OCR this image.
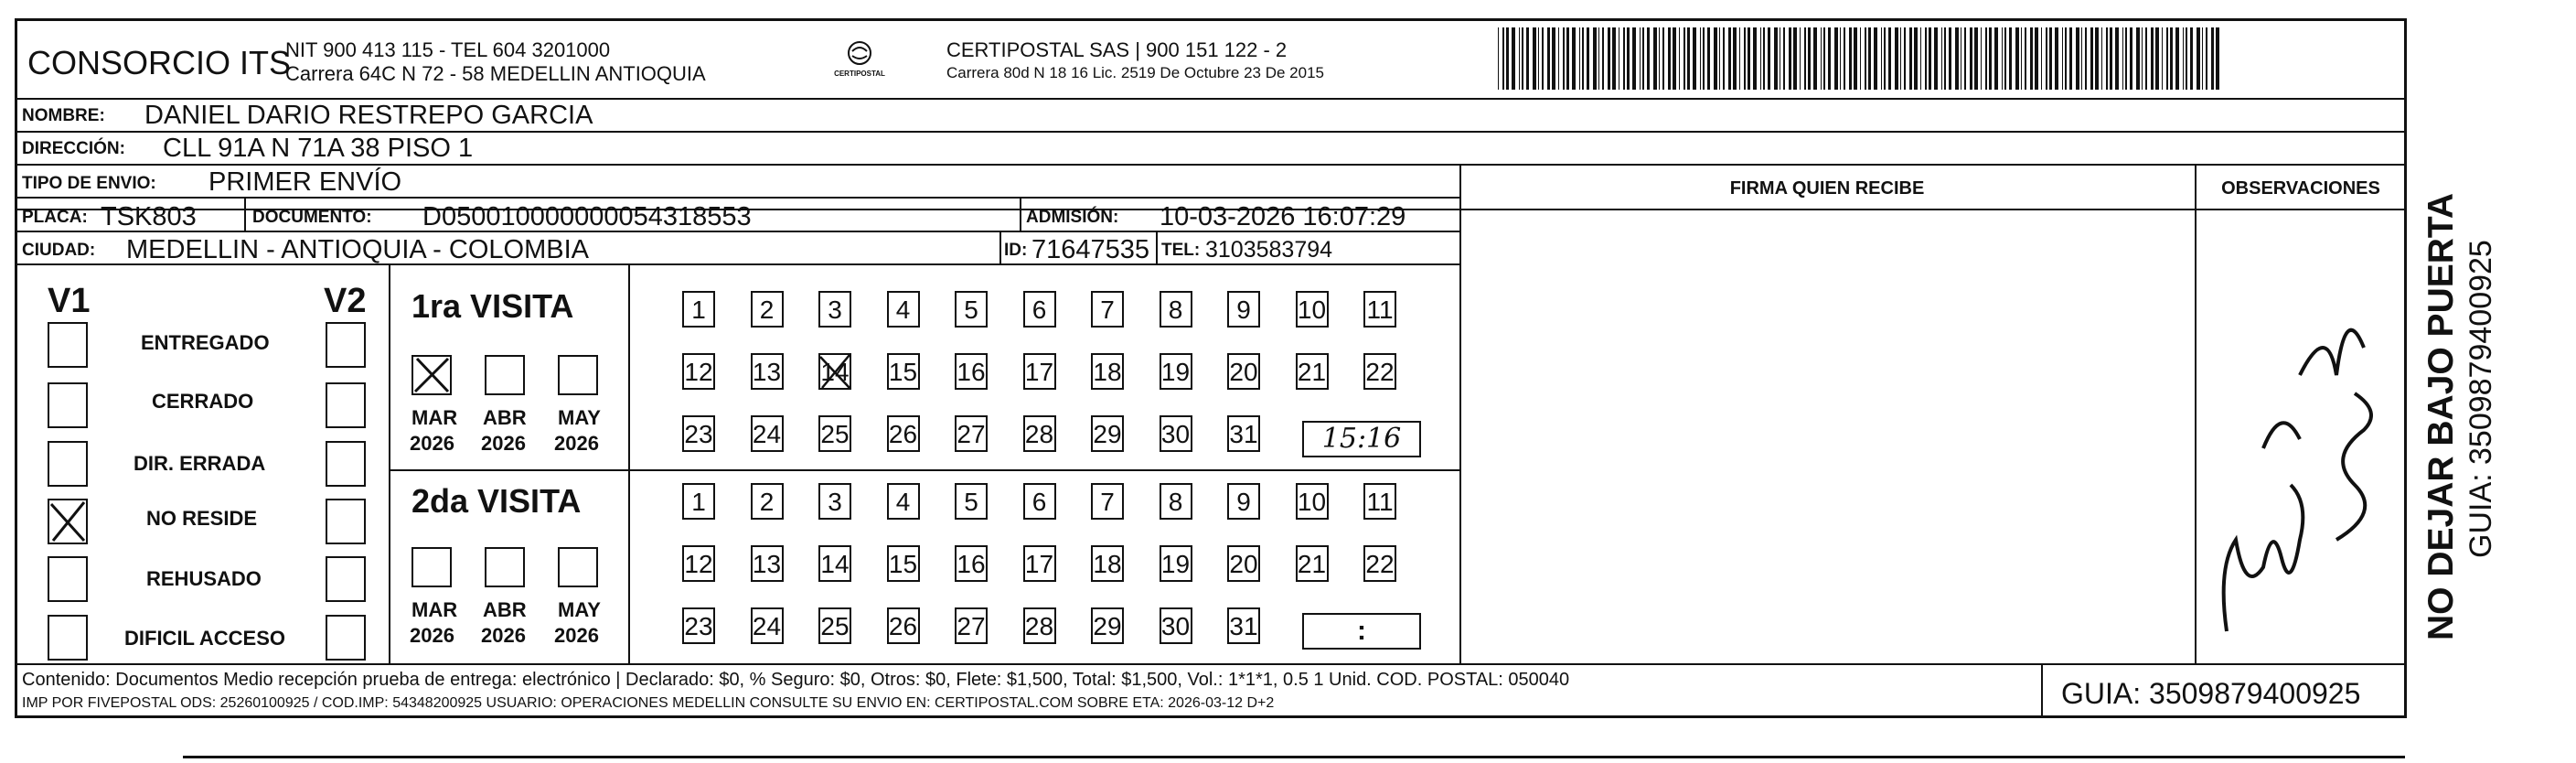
CONSORCIO ITS
NIT 900 413 115 - TEL 604 3201000
Carrera 64C N 72 - 58 MEDELLIN ANTIOQUIA	CERTIPOSTAL
CERTIPOSTAL SAS | 900 151 122 - 2
Carrera 80d N 18 16 Lic. 2519 De Octubre 23 De 2015
NOMBRE: DANIEL DARIO RESTREPO GARCIA
DIRECCIÓN: CLL 91A N 71A 38 PISO 1
TIPO DE ENVIO: PRIMER ENVÍO	FIRMA QUIEN RECIBE	OBSERVACIONES
PLACA: TSK803	DOCUMENTO: D050010000000054318553	ADMISIÓN: 10-03-2026 16:07:29
CIUDAD: MEDELLIN - ANTIOQUIA - COLOMBIA	ID: 71647535 TEL: 3103583794
V1	V2
ENTREGADO
CERRADO
DIR. ERRADA
NO RESIDE
REHUSADO
DIFICIL ACCESO
1ra VISITA
MAR ABR MAY
2026 2026 2026
1	2	3	4	5	6	7	8	9	10 11
12 13 14 15 16 17 18 19 20 21 22
23 24 25 26 27 28 29 30 31	15:16
2da VISITA
MAR ABR MAY
2026 2026 2026
1	2	3	4	5	6	7	8	9	10 11
12 13 14 15 16 17 18 19 20 21 22
23 24 25 26 27 28 29 30 31	:	NO DEJAR BAJO PUERTA GUIA: 3509879400925
Contenido: Documentos Medio recepción prueba de entrega: electrónico | Declarado: $0, % Seguro: $0, Otros: $0, Flete: $1,500, Total: $1,500, Vol.: 1*1*1, 0.5 1 Unid. COD. POSTAL: 050040
IMP POR FIVEPOSTAL ODS: 25260100925 / COD.IMP: 54348200925 USUARIO: OPERACIONES MEDELLIN CONSULTE SU ENVIO EN: CERTIPOSTAL.COM SOBRE ETA: 2026-03-12 D+2	GUIA: 3509879400925
